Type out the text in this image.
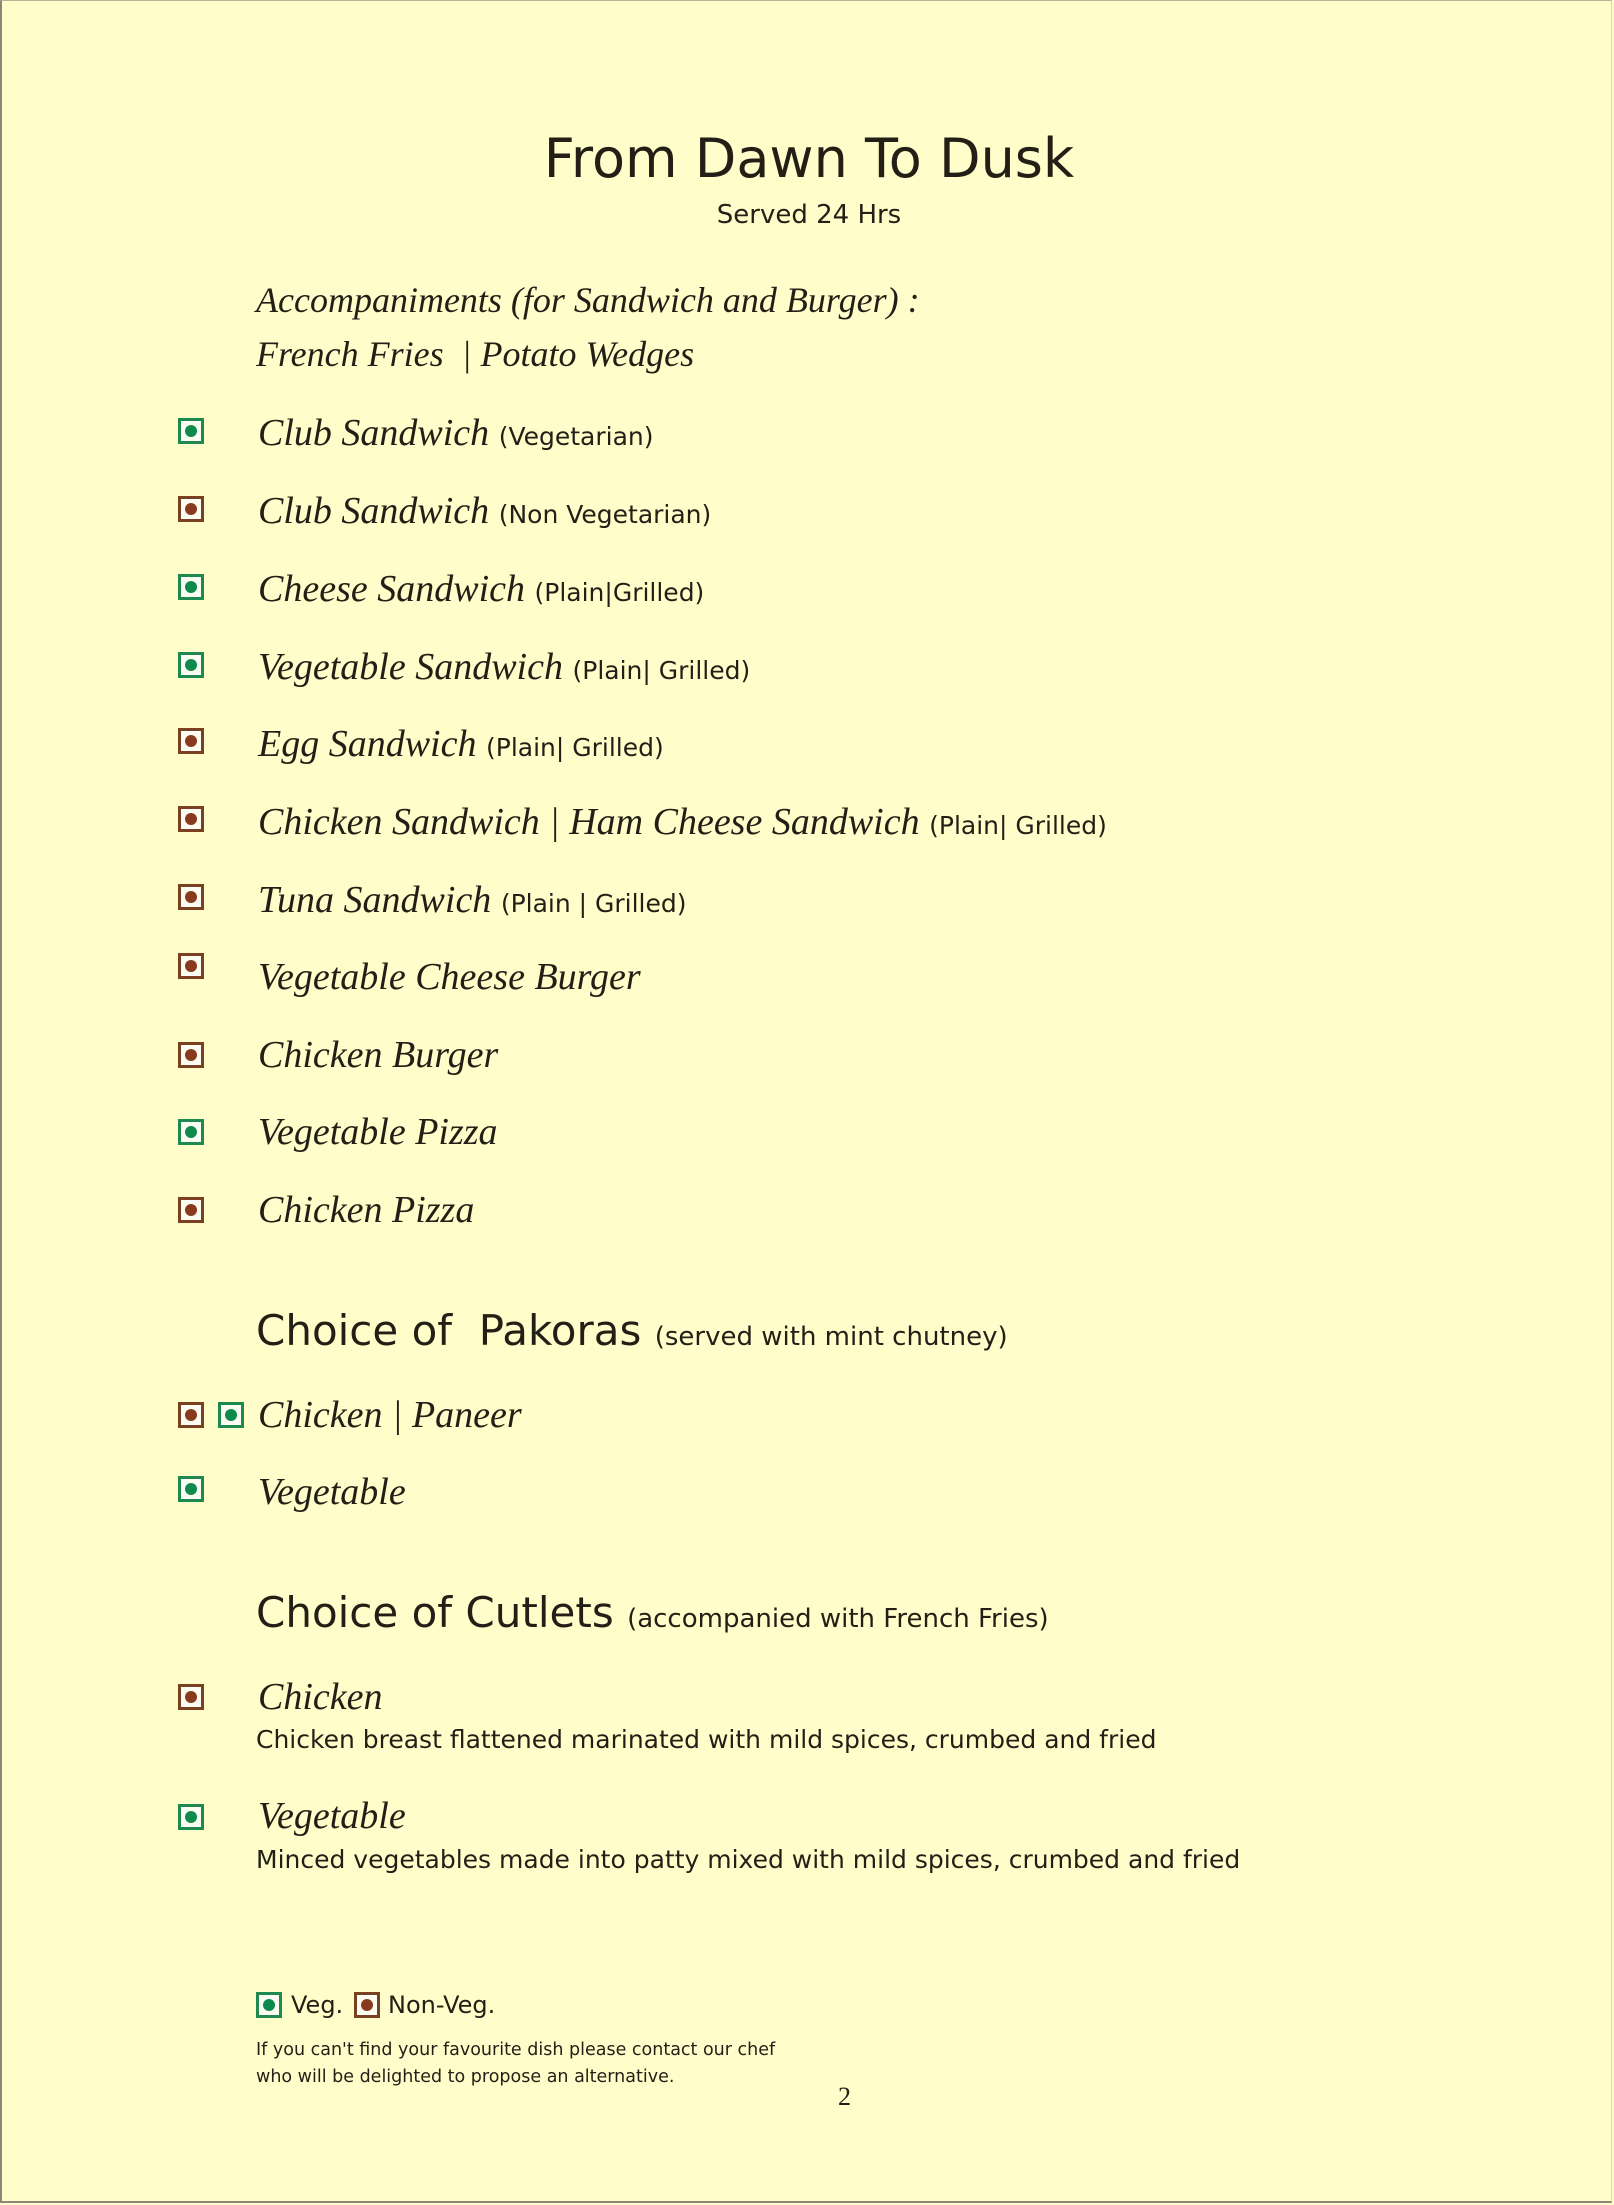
From Dawn To Dusk
Served 24 Hrs
Accompaniments (for Sandwich and Burger) :
French Fries  | Potato Wedges
Club Sandwich (Vegetarian)
Club Sandwich (Non Vegetarian)
Cheese Sandwich (Plain|Grilled)
Vegetable Sandwich (Plain| Grilled)
Egg Sandwich (Plain| Grilled)
Chicken Sandwich | Ham Cheese Sandwich (Plain| Grilled)
Tuna Sandwich (Plain | Grilled)
Vegetable Cheese Burger
Chicken Burger
Vegetable Pizza
Chicken Pizza
Choice of  Pakoras (served with mint chutney)
Chicken | Paneer
Vegetable
Choice of Cutlets (accompanied with French Fries)
Chicken
Chicken breast flattened marinated with mild spices, crumbed and fried
Vegetable
Minced vegetables made into patty mixed with mild spices, crumbed and fried
Veg. Non-Veg.
If you can't find your favourite dish please contact our chef
who will be delighted to propose an alternative.
2
